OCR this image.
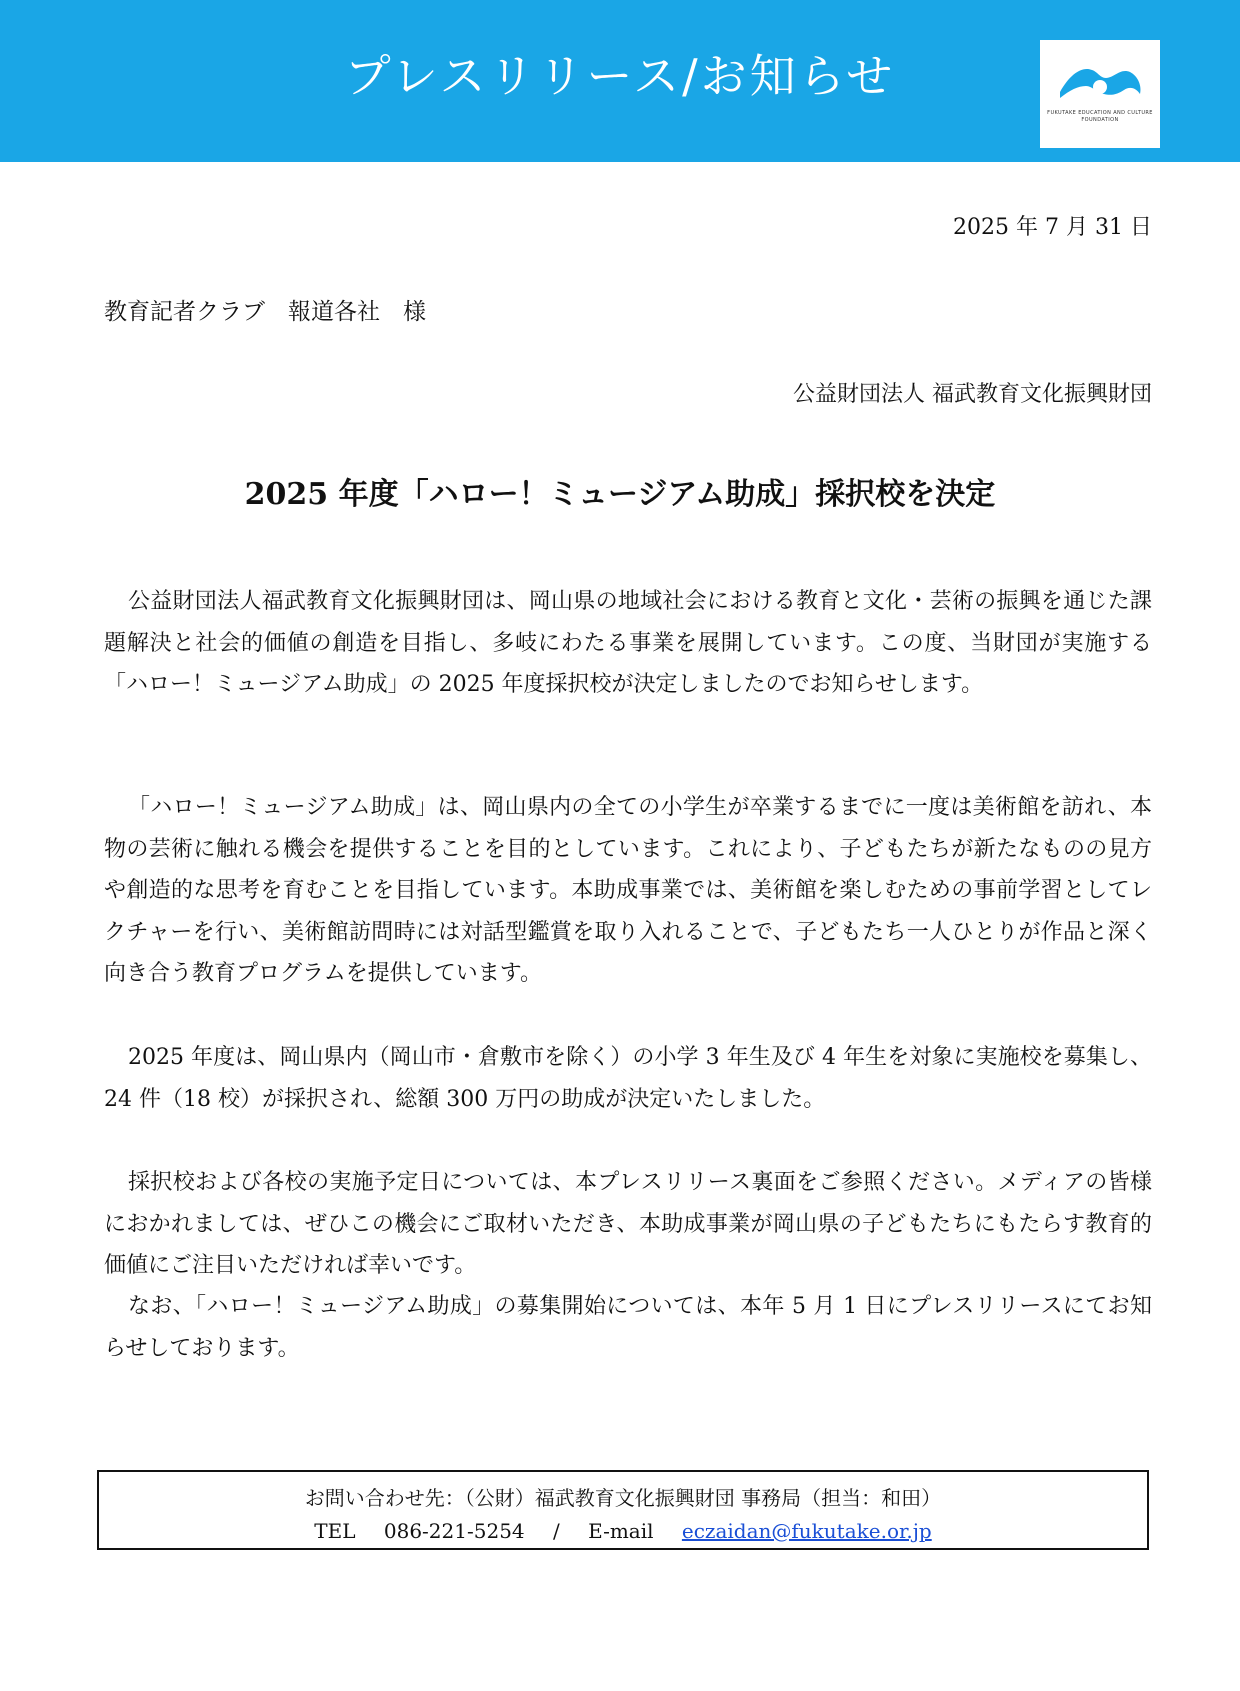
プレスリリース/お知らせ
FUKUTAKE EDUCATION AND CULTURE FOUNDATION
2025 年 7 月 31 日
教育記者クラブ　報道各社　様
公益財団法人 福武教育文化振興財団
2025 年度「ハロー！ミュージアム助成」採択校を決定

公益財団法人福武教育文化振興財団は、岡山県の地域社会における教育と文化・芸術の振興を通じた課題解決と社会的価値の創造を目指し、多岐にわたる事業を展開しています。この度、当財団が実施する「ハロー！ミュージアム助成」の 2025 年度採択校が決定しましたのでお知らせします。

「ハロー！ミュージアム助成」は、岡山県内の全ての小学生が卒業するまでに一度は美術館を訪れ、本物の芸術に触れる機会を提供することを目的としています。これにより、子どもたちが新たなものの見方や創造的な思考を育むことを目指しています。本助成事業では、美術館を楽しむための事前学習としてレクチャーを行い、美術館訪問時には対話型鑑賞を取り入れることで、子どもたち一人ひとりが作品と深く向き合う教育プログラムを提供しています。

2025 年度は、岡山県内（岡山市・倉敷市を除く）の小学 3 年生及び 4 年生を対象に実施校を募集し、24 件（18 校）が採択され、総額 300 万円の助成が決定いたしました。

採択校および各校の実施予定日については、本プレスリリース裏面をご参照ください。メディアの皆様におかれましては、ぜひこの機会にご取材いただき、本助成事業が岡山県の子どもたちにもたらす教育的価値にご注目いただければ幸いです。

なお、「ハロー！ミュージアム助成」の募集開始については、本年 5 月 1 日にプレスリリースにてお知らせしております。

お問い合わせ先：（公財）福武教育文化振興財団 事務局（担当：和田）
TEL 086-221-5254 / E-mail eczaidan@fukutake.or.jp
